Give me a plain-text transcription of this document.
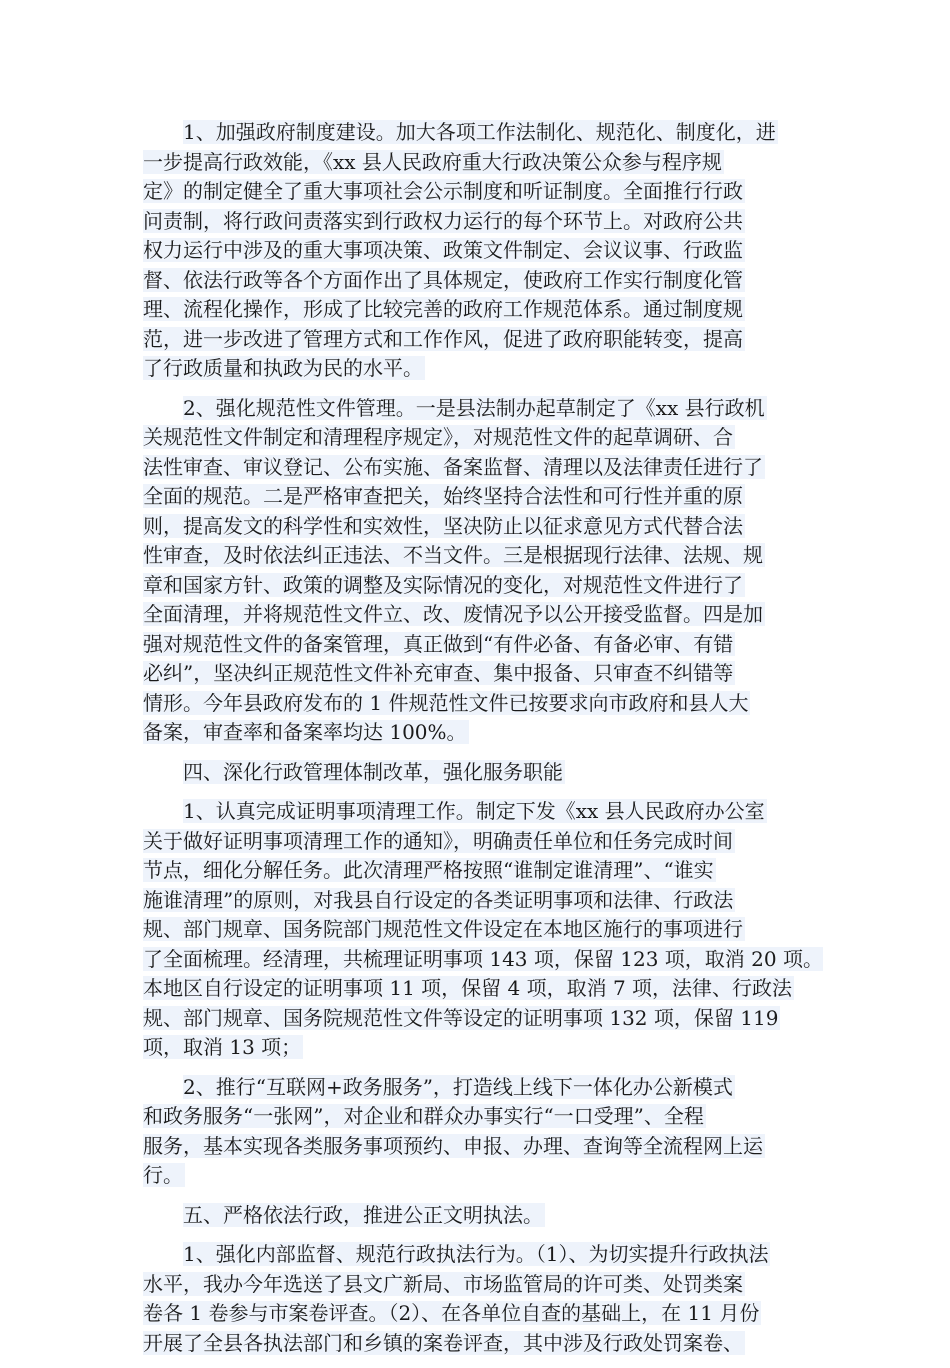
1、加强政府制度建设。加大各项工作法制化、规范化、制度化，进
一步提高行政效能，《xx 县人民政府重大行政决策公众参与程序规
定》的制定健全了重大事项社会公示制度和听证制度。全面推行行政
问责制，将行政问责落实到行政权力运行的每个环节上。对政府公共
权力运行中涉及的重大事项决策、政策文件制定、会议议事、行政监
督、依法行政等各个方面作出了具体规定，使政府工作实行制度化管
理、流程化操作，形成了比较完善的政府工作规范体系。通过制度规
范，进一步改进了管理方式和工作作风，促进了政府职能转变，提高
了行政质量和执政为民的水平。
2、强化规范性文件管理。一是县法制办起草制定了《xx 县行政机
关规范性文件制定和清理程序规定》，对规范性文件的起草调研、合
法性审查、审议登记、公布实施、备案监督、清理以及法律责任进行了
全面的规范。二是严格审查把关，始终坚持合法性和可行性并重的原
则，提高发文的科学性和实效性，坚决防止以征求意见方式代替合法
性审查，及时依法纠正违法、不当文件。三是根据现行法律、法规、规
章和国家方针、政策的调整及实际情况的变化，对规范性文件进行了
全面清理，并将规范性文件立、改、废情况予以公开接受监督。四是加
强对规范性文件的备案管理，真正做到“有件必备、有备必审、有错
必纠”，坚决纠正规范性文件补充审查、集中报备、只审查不纠错等
情形。今年县政府发布的 1 件规范性文件已按要求向市政府和县人大
备案，审查率和备案率均达 100%。
四、深化行政管理体制改革，强化服务职能
1、认真完成证明事项清理工作。制定下发《xx 县人民政府办公室
关于做好证明事项清理工作的通知》，明确责任单位和任务完成时间
节点，细化分解任务。此次清理严格按照“谁制定谁清理”、“谁实
施谁清理”的原则，对我县自行设定的各类证明事项和法律、行政法
规、部门规章、国务院部门规范性文件设定在本地区施行的事项进行
了全面梳理。经清理，共梳理证明事项 143 项，保留 123 项，取消 20 项。
本地区自行设定的证明事项 11 项，保留 4 项，取消 7 项，法律、行政法
规、部门规章、国务院规范性文件等设定的证明事项 132 项，保留 119
项，取消 13 项；
2、推行“互联网+政务服务”，打造线上线下一体化办公新模式
和政务服务“一张网”，对企业和群众办事实行“一口受理”、全程
服务，基本实现各类服务事项预约、申报、办理、查询等全流程网上运
行。
五、严格依法行政，推进公正文明执法。
1、强化内部监督、规范行政执法行为。（1）、为切实提升行政执法
水平，我办今年选送了县文广新局、市场监管局的许可类、处罚类案
卷各 1 卷参与市案卷评查。（2）、在各单位自查的基础上，在 11 月份
开展了全县各执法部门和乡镇的案卷评查，其中涉及行政处罚案卷、
